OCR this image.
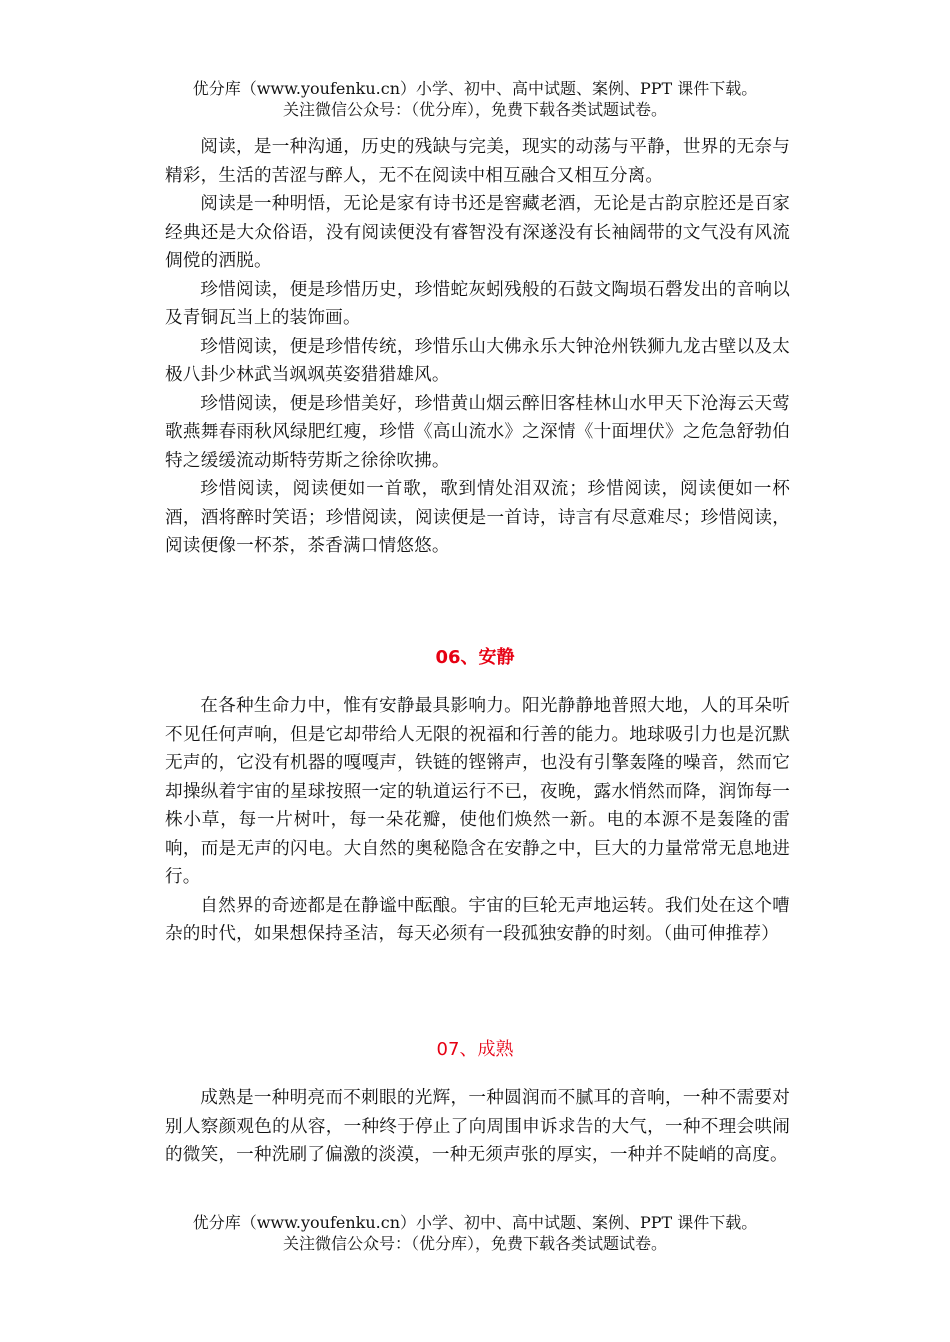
优分库（www.youfenku.cn）小学、初中、高中试题、案例、PPT 课件下载。
关注微信公众号：（优分库），免费下载各类试题试卷。

阅读，是一种沟通，历史的残缺与完美，现实的动荡与平静，世界的无奈与精彩，生活的苦涩与醉人，无不在阅读中相互融合又相互分离。

阅读是一种明悟，无论是家有诗书还是窖藏老酒，无论是古韵京腔还是百家经典还是大众俗语，没有阅读便没有睿智没有深遂没有长袖阔带的文气没有风流倜傥的洒脱。

珍惜阅读，便是珍惜历史，珍惜蛇灰蚓残般的石鼓文陶埙石磬发出的音响以及青铜瓦当上的装饰画。

珍惜阅读，便是珍惜传统，珍惜乐山大佛永乐大钟沧州铁狮九龙古壁以及太极八卦少林武当飒飒英姿猎猎雄风。

珍惜阅读，便是珍惜美好，珍惜黄山烟云醉旧客桂林山水甲天下沧海云天莺歌燕舞春雨秋风绿肥红瘦，珍惜《高山流水》之深情《十面埋伏》之危急舒勃伯特之缓缓流动斯特劳斯之徐徐吹拂。

珍惜阅读，阅读便如一首歌，歌到情处泪双流；珍惜阅读，阅读便如一杯酒，酒将醉时笑语；珍惜阅读，阅读便是一首诗，诗言有尽意难尽；珍惜阅读，阅读便像一杯茶，茶香满口情悠悠。

06、安静

在各种生命力中，惟有安静最具影响力。阳光静静地普照大地，人的耳朵听不见任何声响，但是它却带给人无限的祝福和行善的能力。地球吸引力也是沉默无声的，它没有机器的嘎嘎声，铁链的铿锵声，也没有引擎轰隆的噪音，然而它却操纵着宇宙的星球按照一定的轨道运行不已，夜晚，露水悄然而降，润饰每一株小草，每一片树叶，每一朵花瓣，使他们焕然一新。电的本源不是轰隆的雷响，而是无声的闪电。大自然的奥秘隐含在安静之中，巨大的力量常常无息地进行。

自然界的奇迹都是在静谧中酝酿。宇宙的巨轮无声地运转。我们处在这个嘈杂的时代，如果想保持圣洁，每天必须有一段孤独安静的时刻。（曲可伸推荐）

07、成熟

成熟是一种明亮而不刺眼的光辉，一种圆润而不腻耳的音响，一种不需要对别人察颜观色的从容，一种终于停止了向周围申诉求告的大气，一种不理会哄闹的微笑，一种洗刷了偏激的淡漠，一种无须声张的厚实，一种并不陡峭的高度。

优分库（www.youfenku.cn）小学、初中、高中试题、案例、PPT 课件下载。
关注微信公众号：（优分库），免费下载各类试题试卷。
